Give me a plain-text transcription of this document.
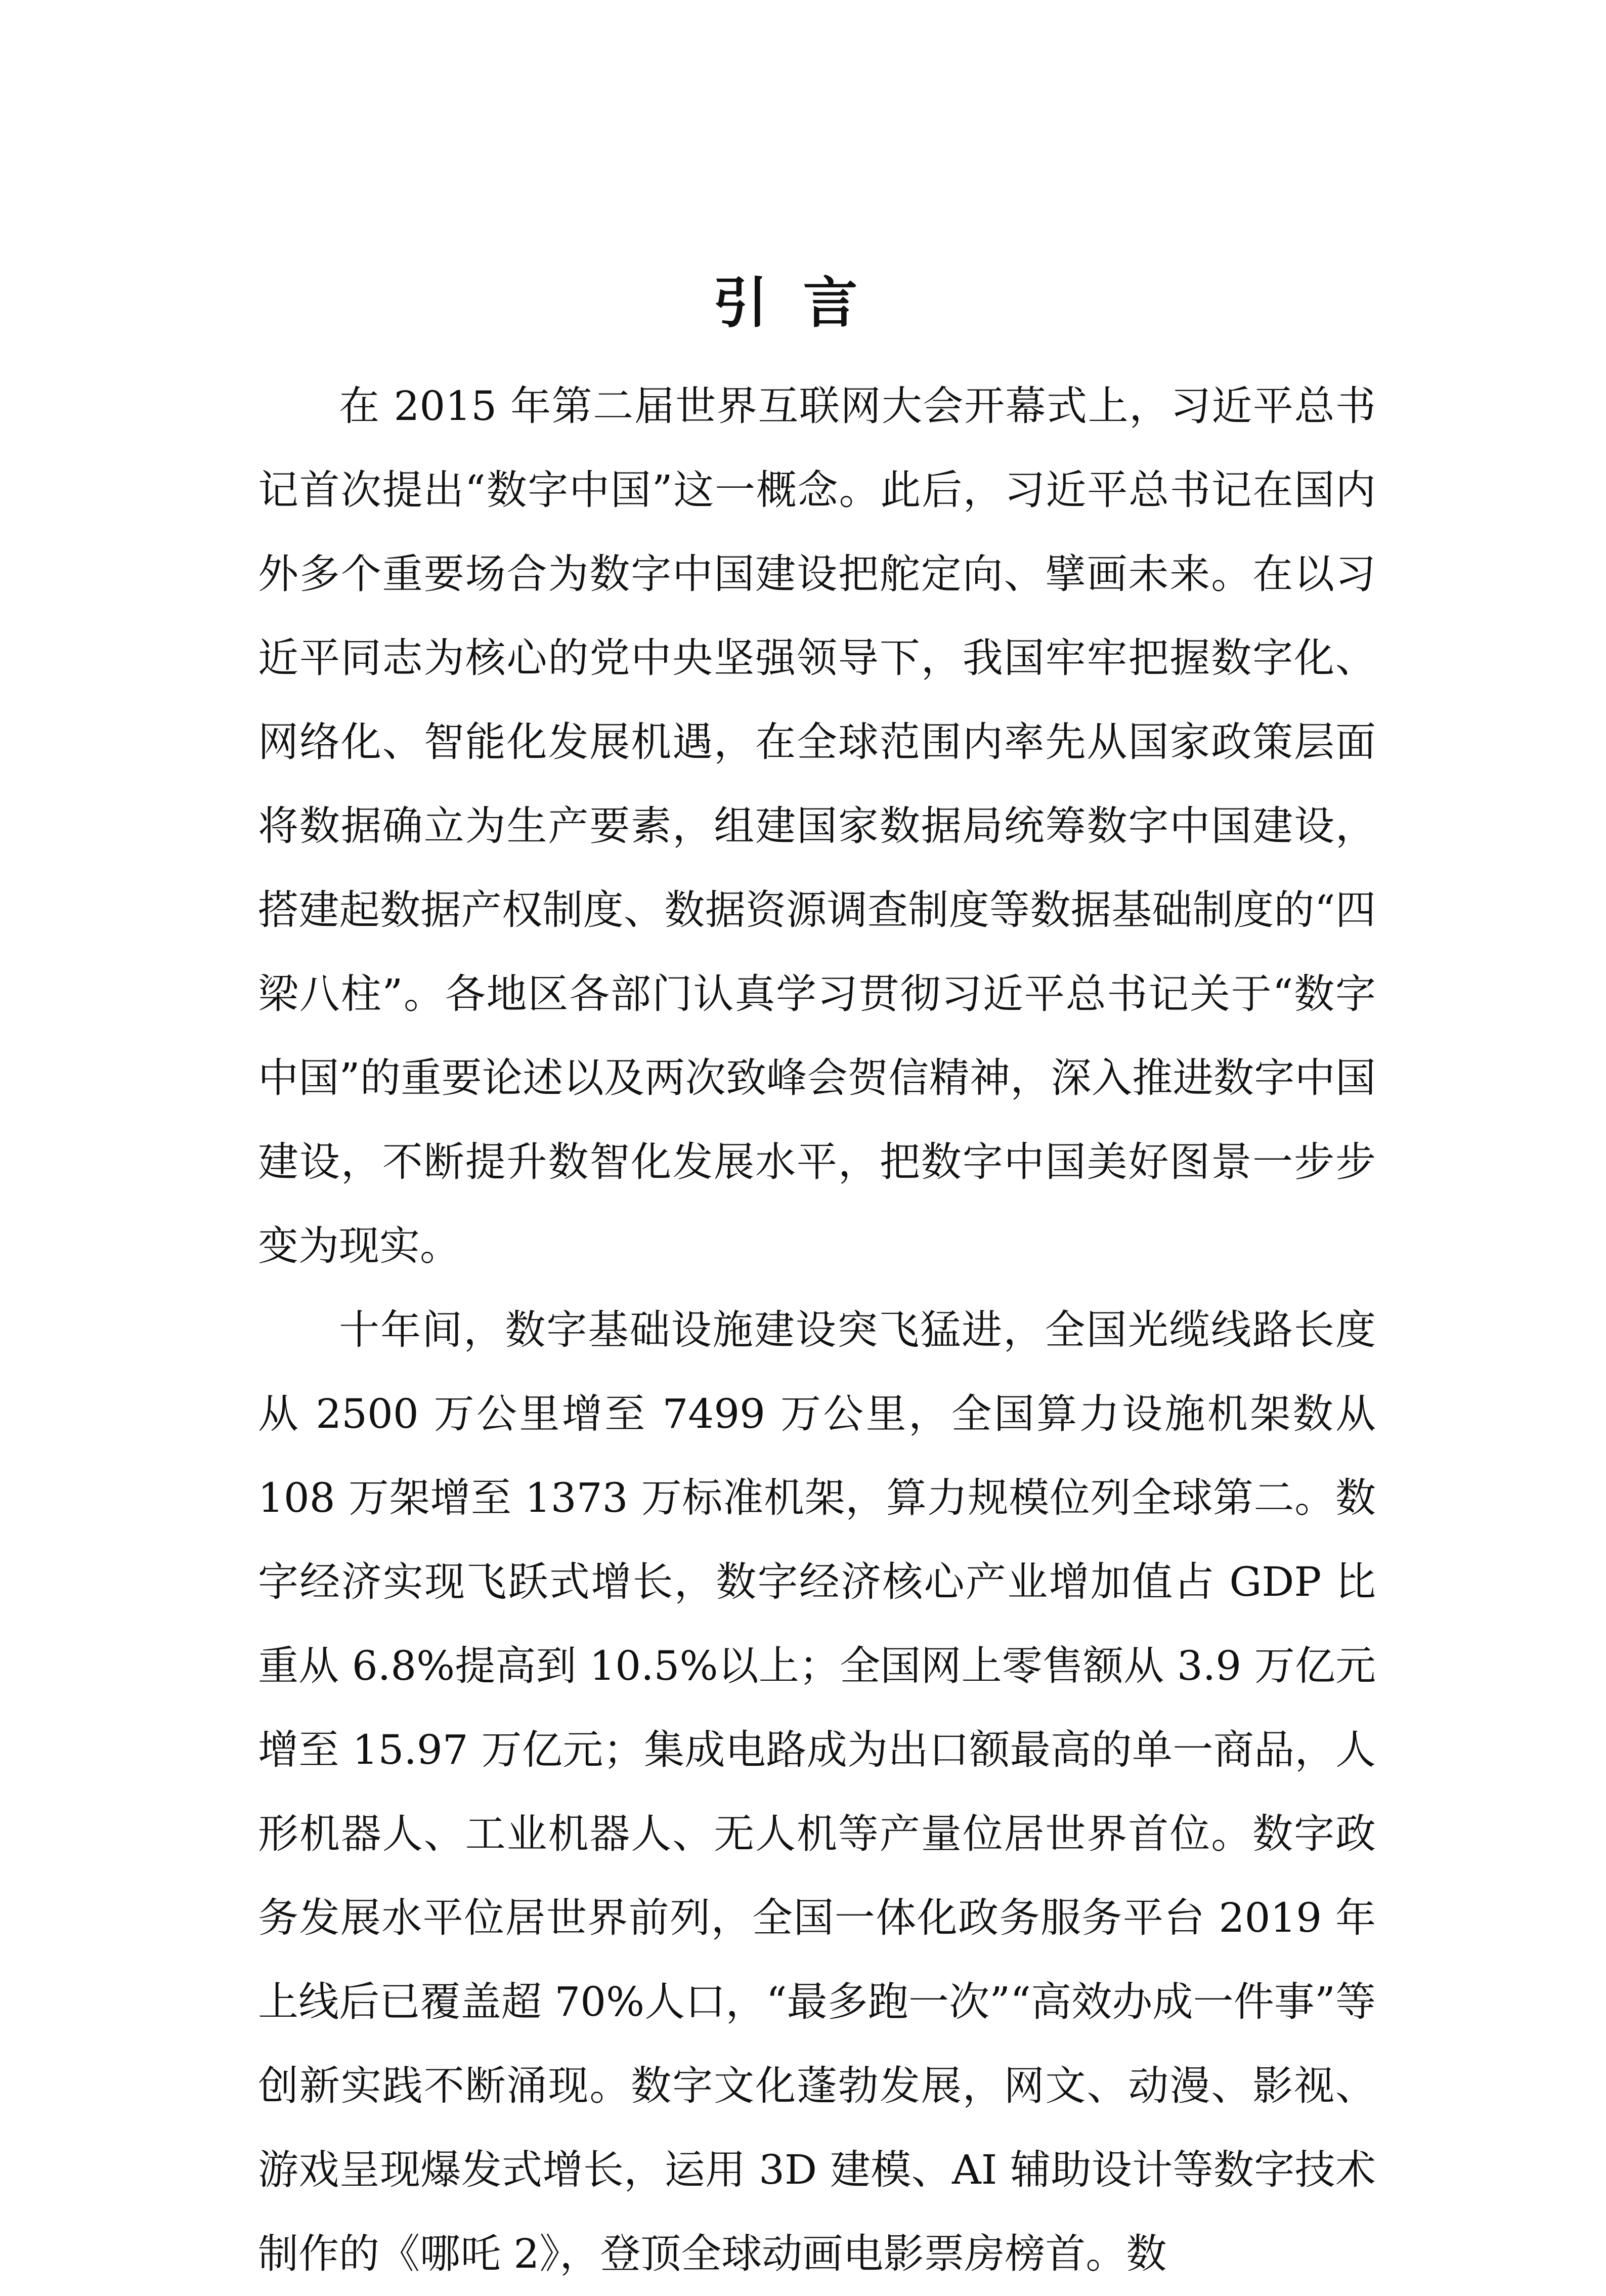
引言

在 2015 年第二届世界互联网大会开幕式上，习近平总书记首次提出“数字中国”这一概念。此后，习近平总书记在国内外多个重要场合为数字中国建设把舵定向、擘画未来。在以习近平同志为核心的党中央坚强领导下，我国牢牢把握数字化、网络化、智能化发展机遇，在全球范围内率先从国家政策层面将数据确立为生产要素，组建国家数据局统筹数字中国建设，搭建起数据产权制度、数据资源调查制度等数据基础制度的“四梁八柱”。各地区各部门认真学习贯彻习近平总书记关于“数字中国”的重要论述以及两次致峰会贺信精神，深入推进数字中国建设，不断提升数智化发展水平，把数字中国美好图景一步步变为现实。

十年间，数字基础设施建设突飞猛进，全国光缆线路长度从 2500 万公里增至 7499 万公里，全国算力设施机架数从 108 万架增至 1373 万标准机架，算力规模位列全球第二。数字经济实现飞跃式增长，数字经济核心产业增加值占 GDP 比重从 6.8%提高到 10.5%以上；全国网上零售额从 3.9 万亿元增至 15.97 万亿元；集成电路成为出口额最高的单一商品，人形机器人、工业机器人、无人机等产量位居世界首位。数字政务发展水平位居世界前列，全国一体化政务服务平台 2019 年上线后已覆盖超 70%人口，“最多跑一次”“高效办成一件事”等创新实践不断涌现。数字文化蓬勃发展，网文、动漫、影视、游戏呈现爆发式增长，运用 3D 建模、AI 辅助设计等数字技术制作的《哪吒 2》，登顶全球动画电影票房榜首。数
